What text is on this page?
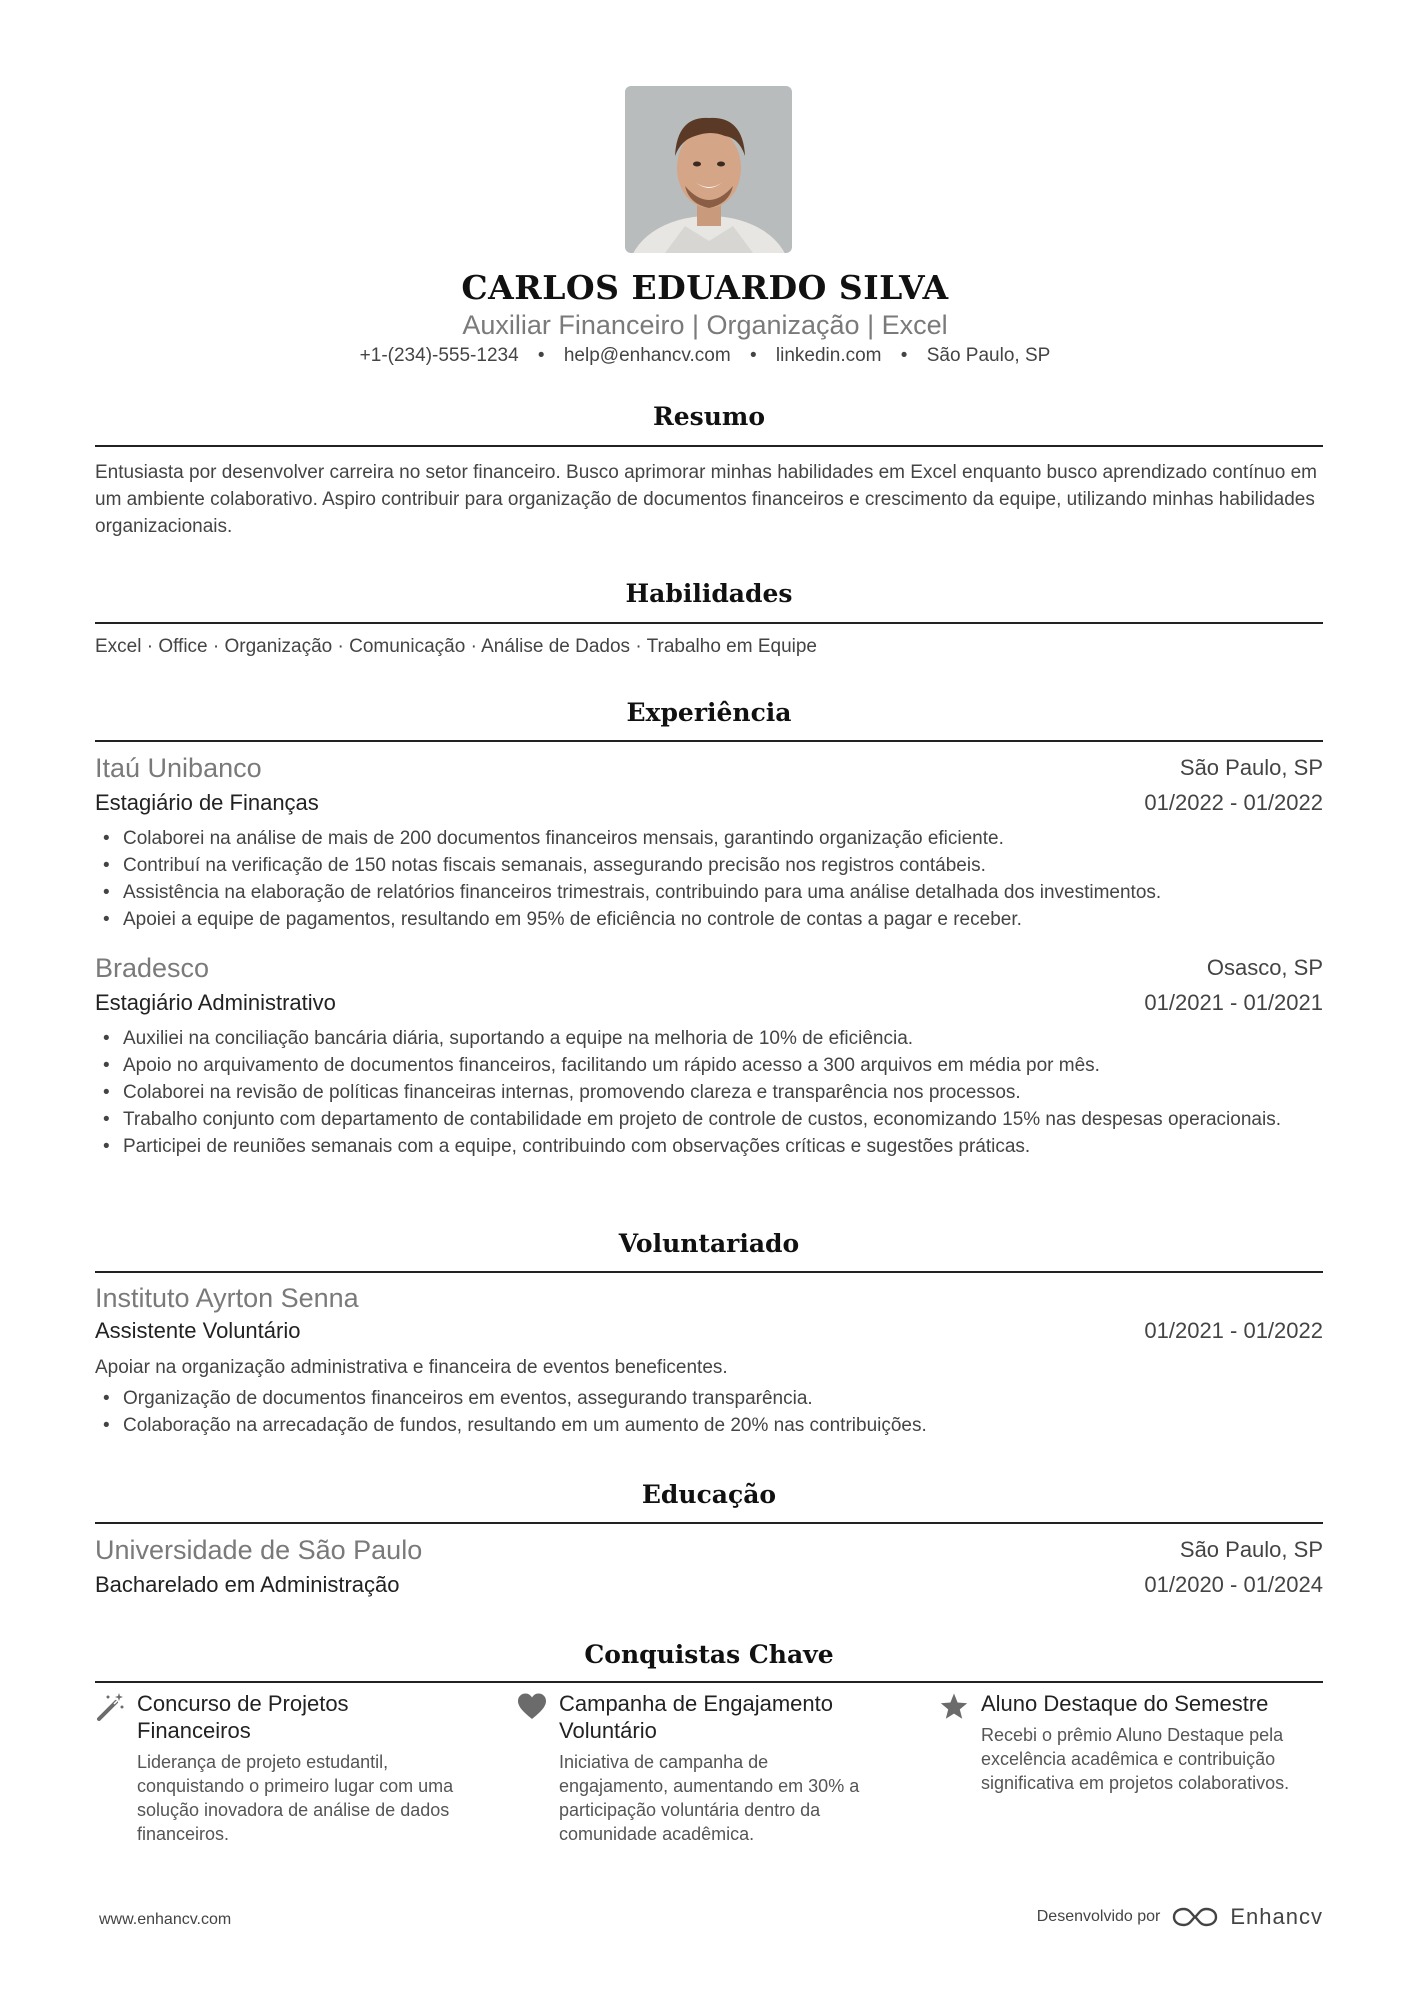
CARLOS EDUARDO SILVA
Auxiliar Financeiro | Organização | Excel
+1-(234)-555-1234 • help@enhancv.com • linkedin.com • São Paulo, SP
Resumo
Entusiasta por desenvolver carreira no setor financeiro. Busco aprimorar minhas habilidades em Excel enquanto busco aprendizado contínuo em um ambiente colaborativo. Aspiro contribuir para organização de documentos financeiros e crescimento da equipe, utilizando minhas habilidades organizacionais.
Habilidades
Excel · Office · Organização · Comunicação · Análise de Dados · Trabalho em Equipe
Experiência
Itaú Unibanco	São Paulo, SP
Estagiário de Finanças	01/2022 - 01/2022
• Colaborei na análise de mais de 200 documentos financeiros mensais, garantindo organização eficiente.
• Contribuí na verificação de 150 notas fiscais semanais, assegurando precisão nos registros contábeis.
• Assistência na elaboração de relatórios financeiros trimestrais, contribuindo para uma análise detalhada dos investimentos.
• Apoiei a equipe de pagamentos, resultando em 95% de eficiência no controle de contas a pagar e receber.
Bradesco	Osasco, SP
Estagiário Administrativo	01/2021 - 01/2021
• Auxiliei na conciliação bancária diária, suportando a equipe na melhoria de 10% de eficiência.
• Apoio no arquivamento de documentos financeiros, facilitando um rápido acesso a 300 arquivos em média por mês.
• Colaborei na revisão de políticas financeiras internas, promovendo clareza e transparência nos processos.
• Trabalho conjunto com departamento de contabilidade em projeto de controle de custos, economizando 15% nas despesas operacionais.
• Participei de reuniões semanais com a equipe, contribuindo com observações críticas e sugestões práticas.
Voluntariado
Instituto Ayrton Senna
Assistente Voluntário	01/2021 - 01/2022
Apoiar na organização administrativa e financeira de eventos beneficentes.
• Organização de documentos financeiros em eventos, assegurando transparência.
• Colaboração na arrecadação de fundos, resultando em um aumento de 20% nas contribuições.
Educação
Universidade de São Paulo	São Paulo, SP
Bacharelado em Administração	01/2020 - 01/2024
Conquistas Chave
Concurso de Projetos Financeiros
Liderança de projeto estudantil, conquistando o primeiro lugar com uma solução inovadora de análise de dados financeiros.
Campanha de Engajamento Voluntário
Iniciativa de campanha de engajamento, aumentando em 30% a participação voluntária dentro da comunidade acadêmica.
Aluno Destaque do Semestre
Recebi o prêmio Aluno Destaque pela excelência acadêmica e contribuição significativa em projetos colaborativos.
www.enhancv.com	Desenvolvido por	Enhancv
